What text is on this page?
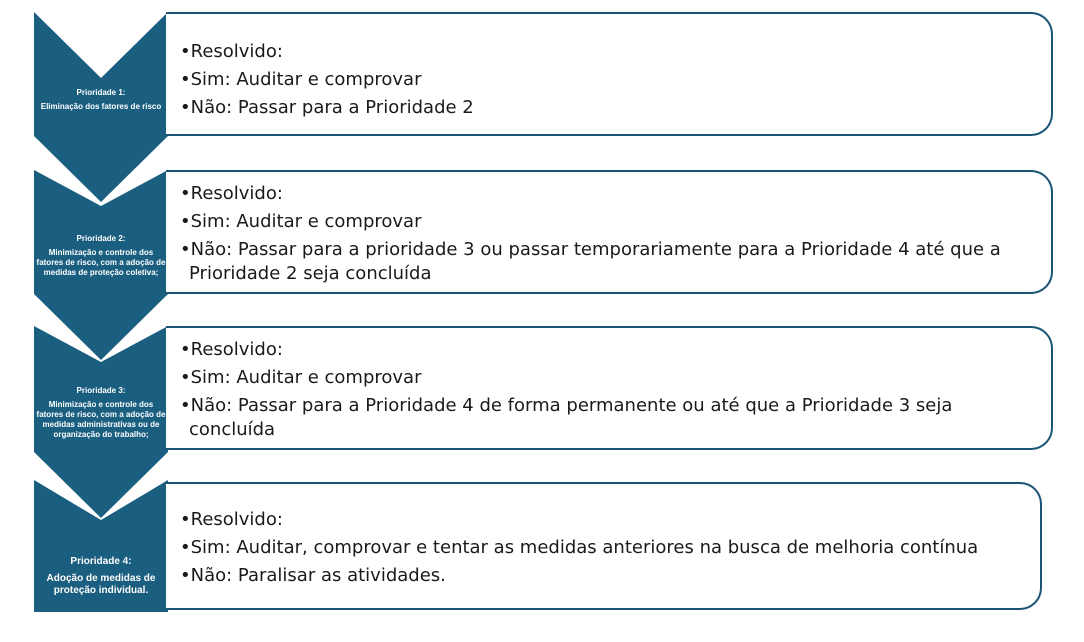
Prioridade 1:
Eliminação dos fatores de risco
Prioridade 2:
Minimização e controle dos fatores de risco, com a adoção de medidas de proteção coletiva;
Prioridade 3:
Minimização e controle dos fatores de risco, com a adoção de medidas administrativas ou de organização do trabalho;
Prioridade 4:
Adoção de medidas de proteção individual.

•Resolvido:

•Sim: Auditar e comprovar

•Não: Passar para a Prioridade 2

•Resolvido:

•Sim: Auditar e comprovar

•Não: Passar para a prioridade 3 ou passar temporariamente para a Prioridade 4 até que a Prioridade 2 seja concluída

•Resolvido:

•Sim: Auditar e comprovar

•Não: Passar para a Prioridade 4 de forma permanente ou até que a Prioridade 3 seja concluída

•Resolvido:

•Sim: Auditar, comprovar e tentar as medidas anteriores na busca de melhoria contínua

•Não: Paralisar as atividades.
